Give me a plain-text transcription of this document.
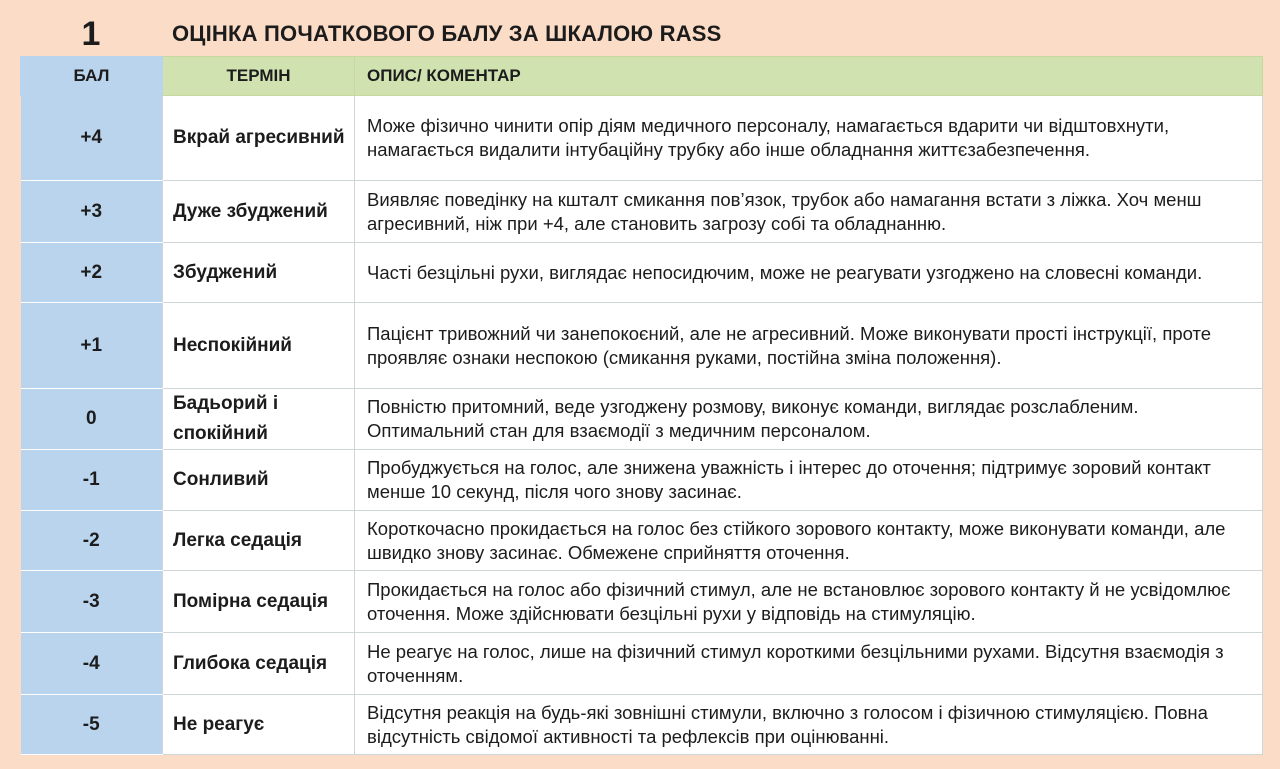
1	ОЦІНКА ПОЧАТКОВОГО БАЛУ ЗА ШКАЛОЮ RASS
БАЛ	ТЕРМІН	ОПИС/ КОМЕНТАР
+4	Вкрай агресивний	Може фізично чинити опір діям медичного персоналу, намагається вдарити чи відштовхнути, намагається видалити інтубаційну трубку або інше обладнання життєзабезпечення.
+3	Дуже збуджений	Виявляє поведінку на кшталт смикання пов’язок, трубок або намагання встати з ліжка. Хоч менш агресивний, ніж при +4, але становить загрозу собі та обладнанню.
+2	Збуджений	Часті безцільні рухи, виглядає непосидючим, може не реагувати узгоджено на словесні команди.
+1	Неспокійний	Пацієнт тривожний чи занепокоєний, але не агресивний. Може виконувати прості інструкції, проте проявляє ознаки неспокою (смикання руками, постійна зміна положення).
0	Бадьорий і спокійний	Повністю притомний, веде узгоджену розмову, виконує команди, виглядає розслабленим. Оптимальний стан для взаємодії з медичним персоналом.
-1	Сонливий	Пробуджується на голос, але знижена уважність і інтерес до оточення; підтримує зоровий контакт менше 10 секунд, після чого знову засинає.
-2	Легка седація	Короткочасно прокидається на голос без стійкого зорового контакту, може виконувати команди, але швидко знову засинає. Обмежене сприйняття оточення.
-3	Помірна седація	Прокидається на голос або фізичний стимул, але не встановлює зорового контакту й не усвідомлює оточення. Може здійснювати безцільні рухи у відповідь на стимуляцію.
-4	Глибока седація	Не реагує на голос, лише на фізичний стимул короткими безцільними рухами. Відсутня взаємодія з оточенням.
-5	Не реагує	Відсутня реакція на будь-які зовнішні стимули, включно з голосом і фізичною стимуляцією. Повна відсутність свідомої активності та рефлексів при оцінюванні.
